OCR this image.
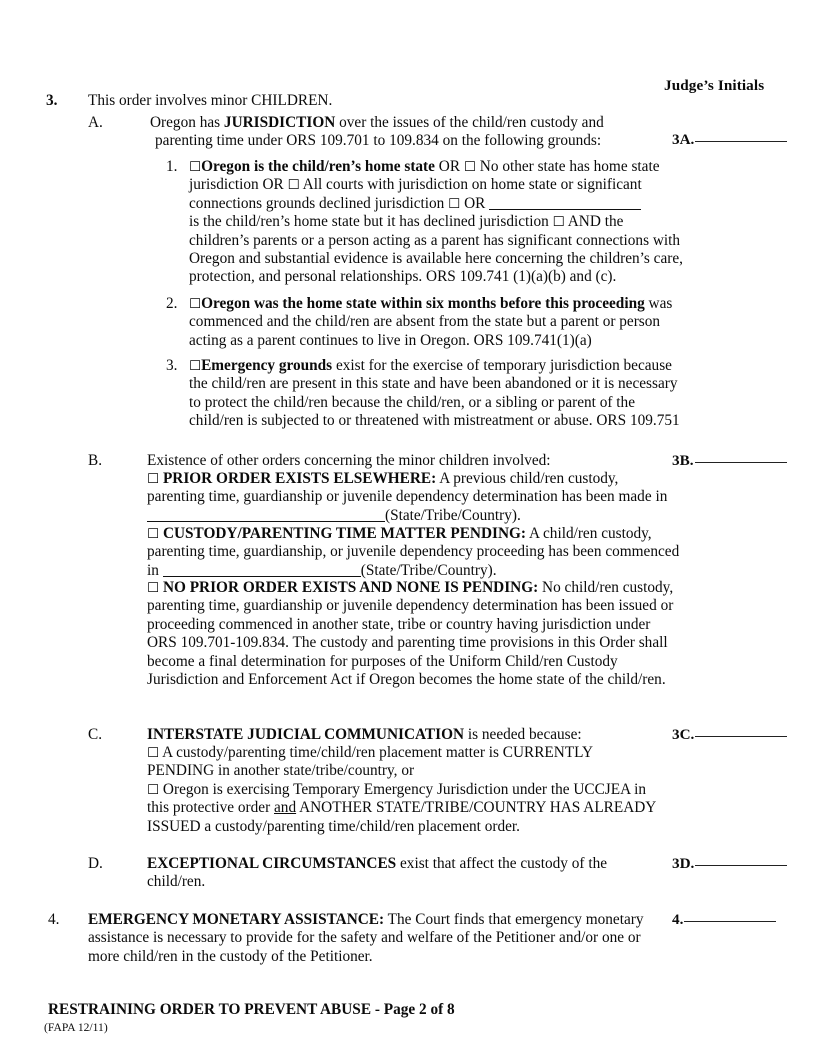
Judge’s Initials
3A.
3B.
3C.
3D.
4.
3. This order involves minor CHILDREN.
A.	Oregon has JURISDICTION over the issues of the child/ren custody and
parenting time under ORS 109.701 to 109.834 on the following grounds:
1. ☐Oregon is the child/ren’s home state OR ☐ No other state has home state jurisdiction OR ☐ All courts with jurisdiction on home state or significant connections grounds declined jurisdiction ☐ OR
is the child/ren’s home state but it has declined jurisdiction ☐ AND the children’s parents or a person acting as a parent has significant connections with Oregon and substantial evidence is available here concerning the children’s care, protection, and personal relationships. ORS 109.741 (1)(a)(b) and (c).
2. ☐Oregon was the home state within six months before this proceeding was commenced and the child/ren are absent from the state but a parent or person acting as a parent continues to live in Oregon. ORS 109.741(1)(a)
3. ☐Emergency grounds exist for the exercise of temporary jurisdiction because the child/ren are present in this state and have been abandoned or it is necessary to protect the child/ren because the child/ren, or a sibling or parent of the child/ren is subjected to or threatened with mistreatment or abuse. ORS 109.751
B.	Existence of other orders concerning the minor children involved:
☐ PRIOR ORDER EXISTS ELSEWHERE: A previous child/ren custody, parenting time, guardianship or juvenile dependency determination has been made in (State/Tribe/Country).
☐ CUSTODY/PARENTING TIME MATTER PENDING: A child/ren custody, parenting time, guardianship, or juvenile dependency proceeding has been commenced in	(State/Tribe/Country).
☐ NO PRIOR ORDER EXISTS AND NONE IS PENDING: No child/ren custody, parenting time, guardianship or juvenile dependency determination has been issued or proceeding commenced in another state, tribe or country having jurisdiction under ORS 109.701-109.834. The custody and parenting time provisions in this Order shall become a final determination for purposes of the Uniform Child/ren Custody Jurisdiction and Enforcement Act if Oregon becomes the home state of the child/ren.
C.	INTERSTATE JUDICIAL COMMUNICATION is needed because:
☐ A custody/parenting time/child/ren placement matter is CURRENTLY PENDING in another state/tribe/country, or
☐ Oregon is exercising Temporary Emergency Jurisdiction under the UCCJEA in this protective order and ANOTHER STATE/TRIBE/COUNTRY HAS ALREADY ISSUED a custody/parenting time/child/ren placement order.
D.	EXCEPTIONAL CIRCUMSTANCES exist that affect the custody of the child/ren.
4. EMERGENCY MONETARY ASSISTANCE: The Court finds that emergency monetary assistance is necessary to provide for the safety and welfare of the Petitioner and/or one or more child/ren in the custody of the Petitioner.
RESTRAINING ORDER TO PREVENT ABUSE - Page 2 of 8
(FAPA 12/11)
